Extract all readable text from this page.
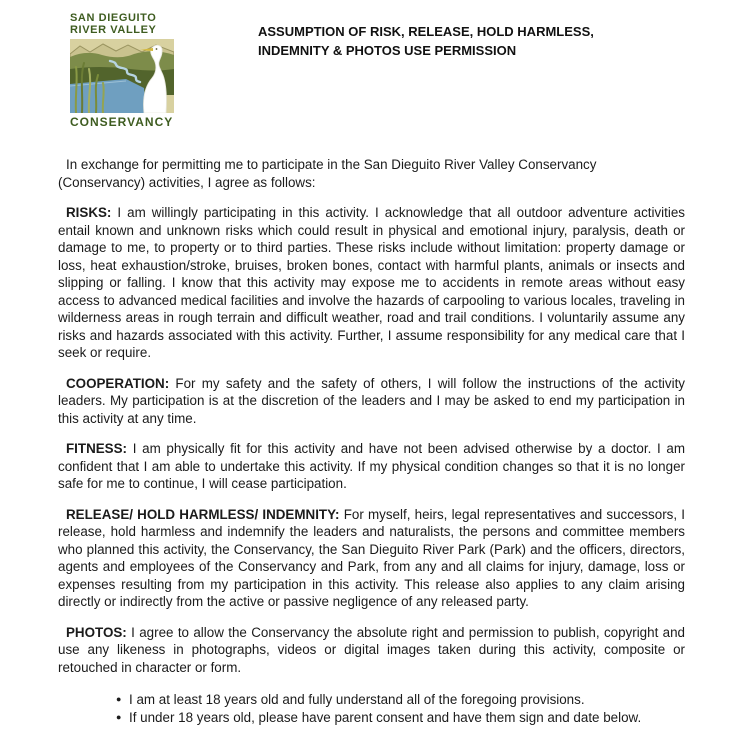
SAN DIEGUITO
RIVER VALLEY
CONSERVANCY
ASSUMPTION OF RISK, RELEASE, HOLD HARMLESS,
INDEMNITY & PHOTOS USE PERMISSION

In exchange for permitting me to participate in the San Dieguito River Valley Conservancy (Conservancy) activities, I agree as follows:

RISKS: I am willingly participating in this activity. I acknowledge that all outdoor adventure activities entail known and unknown risks which could result in physical and emotional injury, paralysis, death or damage to me, to property or to third parties. These risks include without limitation: property damage or loss, heat exhaustion/stroke, bruises, broken bones, contact with harmful plants, animals or insects and slipping or falling. I know that this activity may expose me to accidents in remote areas without easy access to advanced medical facilities and involve the hazards of carpooling to various locales, traveling in wilderness areas in rough terrain and difficult weather, road and trail conditions. I voluntarily assume any risks and hazards associated with this activity. Further, I assume responsibility for any medical care that I seek or require.

COOPERATION: For my safety and the safety of others, I will follow the instructions of the activity leaders. My participation is at the discretion of the leaders and I may be asked to end my participation in this activity at any time.

FITNESS: I am physically fit for this activity and have not been advised otherwise by a doctor. I am confident that I am able to undertake this activity. If my physical condition changes so that it is no longer safe for me to continue, I will cease participation.

RELEASE/ HOLD HARMLESS/ INDEMNITY: For myself, heirs, legal representatives and successors, I release, hold harmless and indemnify the leaders and naturalists, the persons and committee members who planned this activity, the Conservancy, the San Dieguito River Park (Park) and the officers, directors, agents and employees of the Conservancy and Park, from any and all claims for injury, damage, loss or expenses resulting from my participation in this activity. This release also applies to any claim arising directly or indirectly from the active or passive negligence of any released party.

PHOTOS: I agree to allow the Conservancy the absolute right and permission to publish, copyright and use any likeness in photographs, videos or digital images taken during this activity, composite or retouched in character or form.

● I am at least 18 years old and fully understand all of the foregoing provisions.
● If under 18 years old, please have parent consent and have them sign and date below.
